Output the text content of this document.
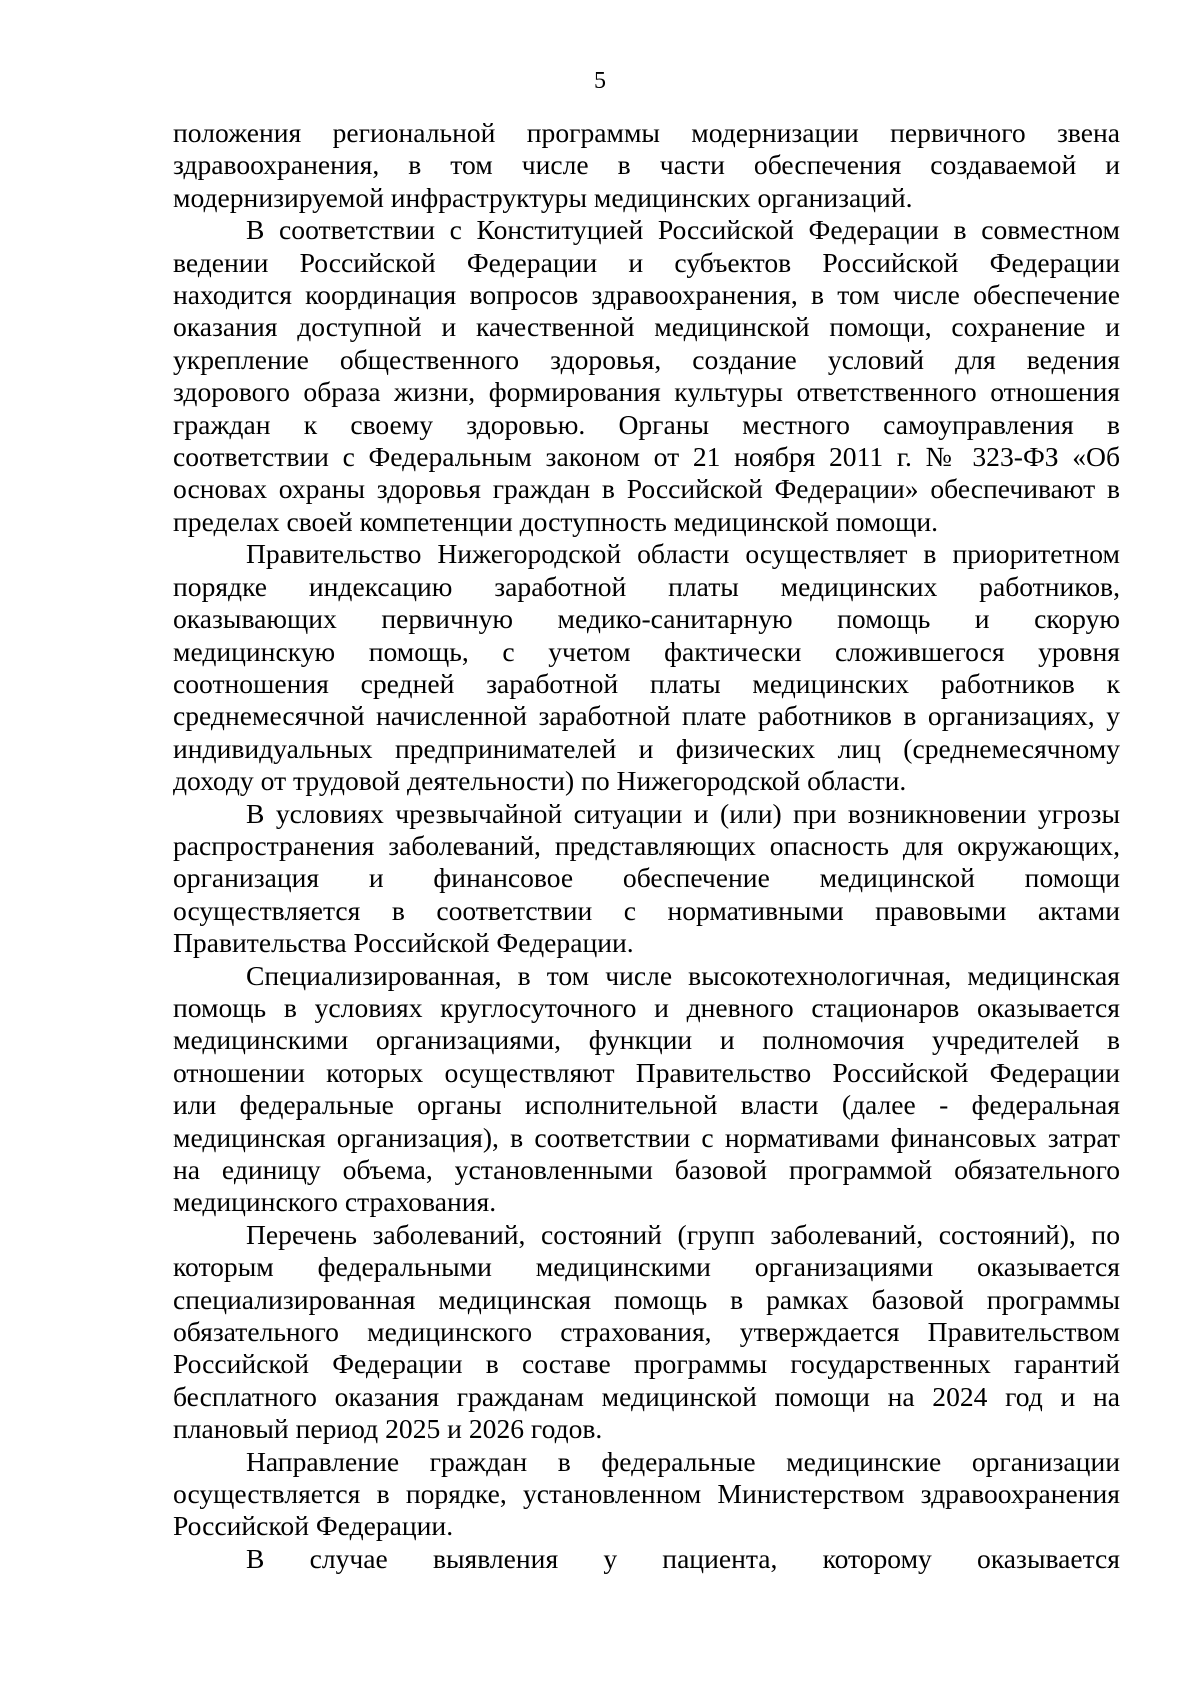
5
положения региональной программы модернизации первичного звена
здравоохранения, в том числе в части обеспечения создаваемой и
модернизируемой инфраструктуры медицинских организаций.
В соответствии с Конституцией Российской Федерации в совместном
ведении Российской Федерации и субъектов Российской Федерации
находится координация вопросов здравоохранения, в том числе обеспечение
оказания доступной и качественной медицинской помощи, сохранение и
укрепление общественного здоровья, создание условий для ведения
здорового образа жизни, формирования культуры ответственного отношения
граждан к своему здоровью. Органы местного самоуправления в
соответствии с Федеральным законом от 21 ноября 2011 г. № 323-ФЗ «Об
основах охраны здоровья граждан в Российской Федерации» обеспечивают в
пределах своей компетенции доступность медицинской помощи.
Правительство Нижегородской области осуществляет в приоритетном
порядке индексацию заработной платы медицинских работников,
оказывающих первичную медико-санитарную помощь и скорую
медицинскую помощь, с учетом фактически сложившегося уровня
соотношения средней заработной платы медицинских работников к
среднемесячной начисленной заработной плате работников в организациях, у
индивидуальных предпринимателей и физических лиц (среднемесячному
доходу от трудовой деятельности) по Нижегородской области.
В условиях чрезвычайной ситуации и (или) при возникновении угрозы
распространения заболеваний, представляющих опасность для окружающих,
организация и финансовое обеспечение медицинской помощи
осуществляется в соответствии с нормативными правовыми актами
Правительства Российской Федерации.
Специализированная, в том числе высокотехнологичная, медицинская
помощь в условиях круглосуточного и дневного стационаров оказывается
медицинскими организациями, функции и полномочия учредителей в
отношении которых осуществляют Правительство Российской Федерации
или федеральные органы исполнительной власти (далее - федеральная
медицинская организация), в соответствии с нормативами финансовых затрат
на единицу объема, установленными базовой программой обязательного
медицинского страхования.
Перечень заболеваний, состояний (групп заболеваний, состояний), по
которым федеральными медицинскими организациями оказывается
специализированная медицинская помощь в рамках базовой программы
обязательного медицинского страхования, утверждается Правительством
Российской Федерации в составе программы государственных гарантий
бесплатного оказания гражданам медицинской помощи на 2024 год и на
плановый период 2025 и 2026 годов.
Направление граждан в федеральные медицинские организации
осуществляется в порядке, установленном Министерством здравоохранения
Российской Федерации.
В случае выявления у пациента, которому оказывается
